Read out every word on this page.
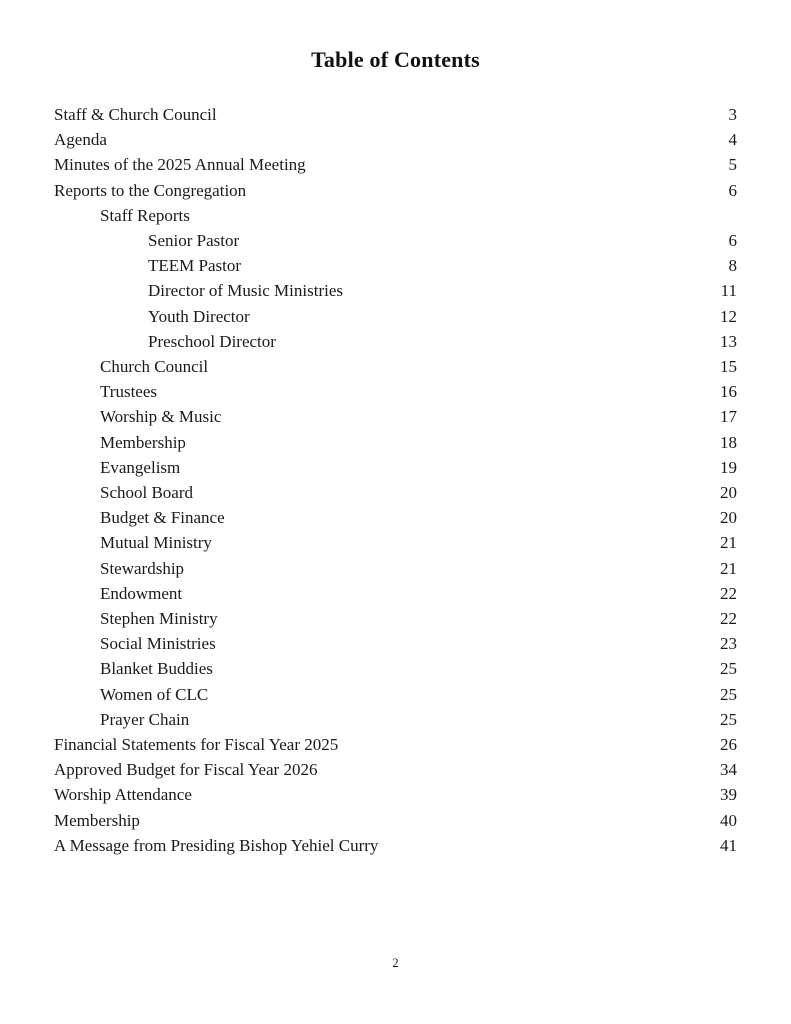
Table of Contents
Staff & Church Council	3
Agenda	4
Minutes of the 2025 Annual Meeting	5
Reports to the Congregation	6
Staff Reports
Senior Pastor	6
TEEM Pastor	8
Director of Music Ministries	11
Youth Director	12
Preschool Director	13
Church Council	15
Trustees	16
Worship & Music	17
Membership	18
Evangelism	19
School Board	20
Budget & Finance	20
Mutual Ministry	21
Stewardship	21
Endowment	22
Stephen Ministry	22
Social Ministries	23
Blanket Buddies	25
Women of CLC	25
Prayer Chain	25
Financial Statements for Fiscal Year 2025	26
Approved Budget for Fiscal Year 2026	34
Worship Attendance	39
Membership	40
A Message from Presiding Bishop Yehiel Curry	41
2
